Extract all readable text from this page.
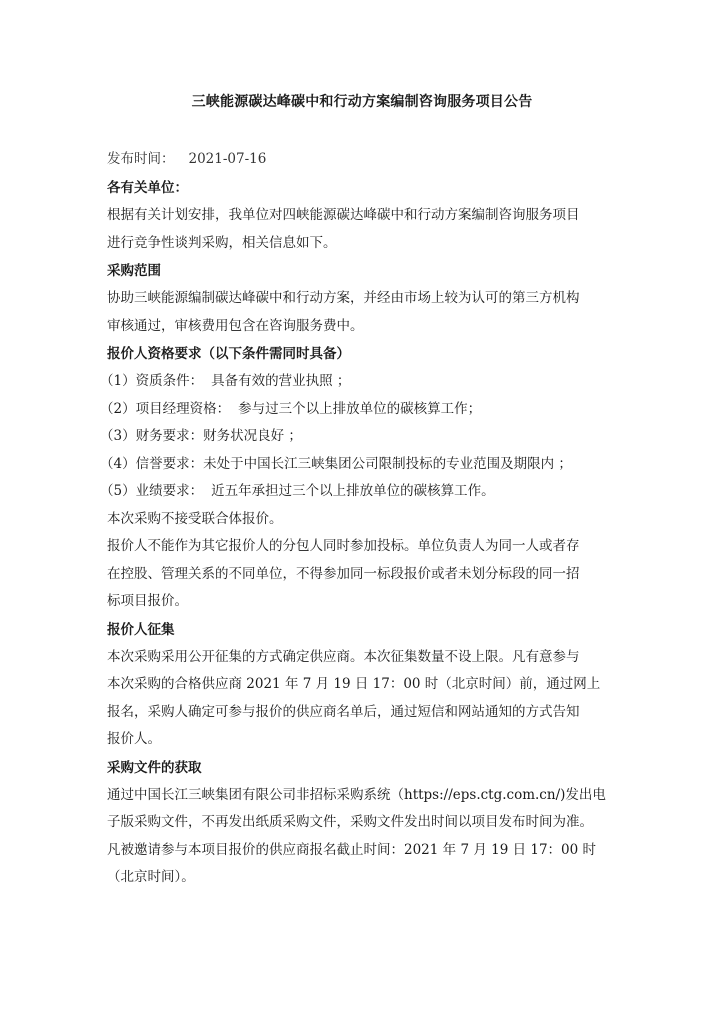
三峡能源碳达峰碳中和行动方案编制咨询服务项目公告
发布时间： 2021-07-16
各有关单位：

根据有关计划安排，我单位对四峡能源碳达峰碳中和行动方案编制咨询服务项目
进行竞争性谈判采购，相关信息如下。

采购范围

协助三峡能源编制碳达峰碳中和行动方案，并经由市场上较为认可的第三方机构
审核通过，审核费用包含在咨询服务费中。

报价人资格要求（以下条件需同时具备）
（1）资质条件： 具备有效的营业执照 ；
（2）项目经理资格： 参与过三个以上排放单位的碳核算工作；
（3）财务要求：财务状况良好 ；
（4）信誉要求：未处于中国长江三峡集团公司限制投标的专业范围及期限内 ；
（5）业绩要求： 近五年承担过三个以上排放单位的碳核算工作。

本次采购不接受联合体报价。

报价人不能作为其它报价人的分包人同时参加投标。单位负责人为同一人或者存
在控股、管理关系的不同单位，不得参加同一标段报价或者未划分标段的同一招
标项目报价。

报价人征集

本次采购采用公开征集的方式确定供应商。本次征集数量不设上限。凡有意参与
本次采购的合格供应商 2021 年 7 月 19 日 17：00 时（北京时间）前，通过网上
报名，采购人确定可参与报价的供应商名单后，通过短信和网站通知的方式告知
报价人。

采购文件的获取

通过中国长江三峡集团有限公司非招标采购系统（https://eps.ctg.com.cn/)发出电
子版采购文件，不再发出纸质采购文件，采购文件发出时间以项目发布时间为准。
凡被邀请参与本项目报价的供应商报名截止时间：2021 年 7 月 19 日 17：00 时
（北京时间）。
